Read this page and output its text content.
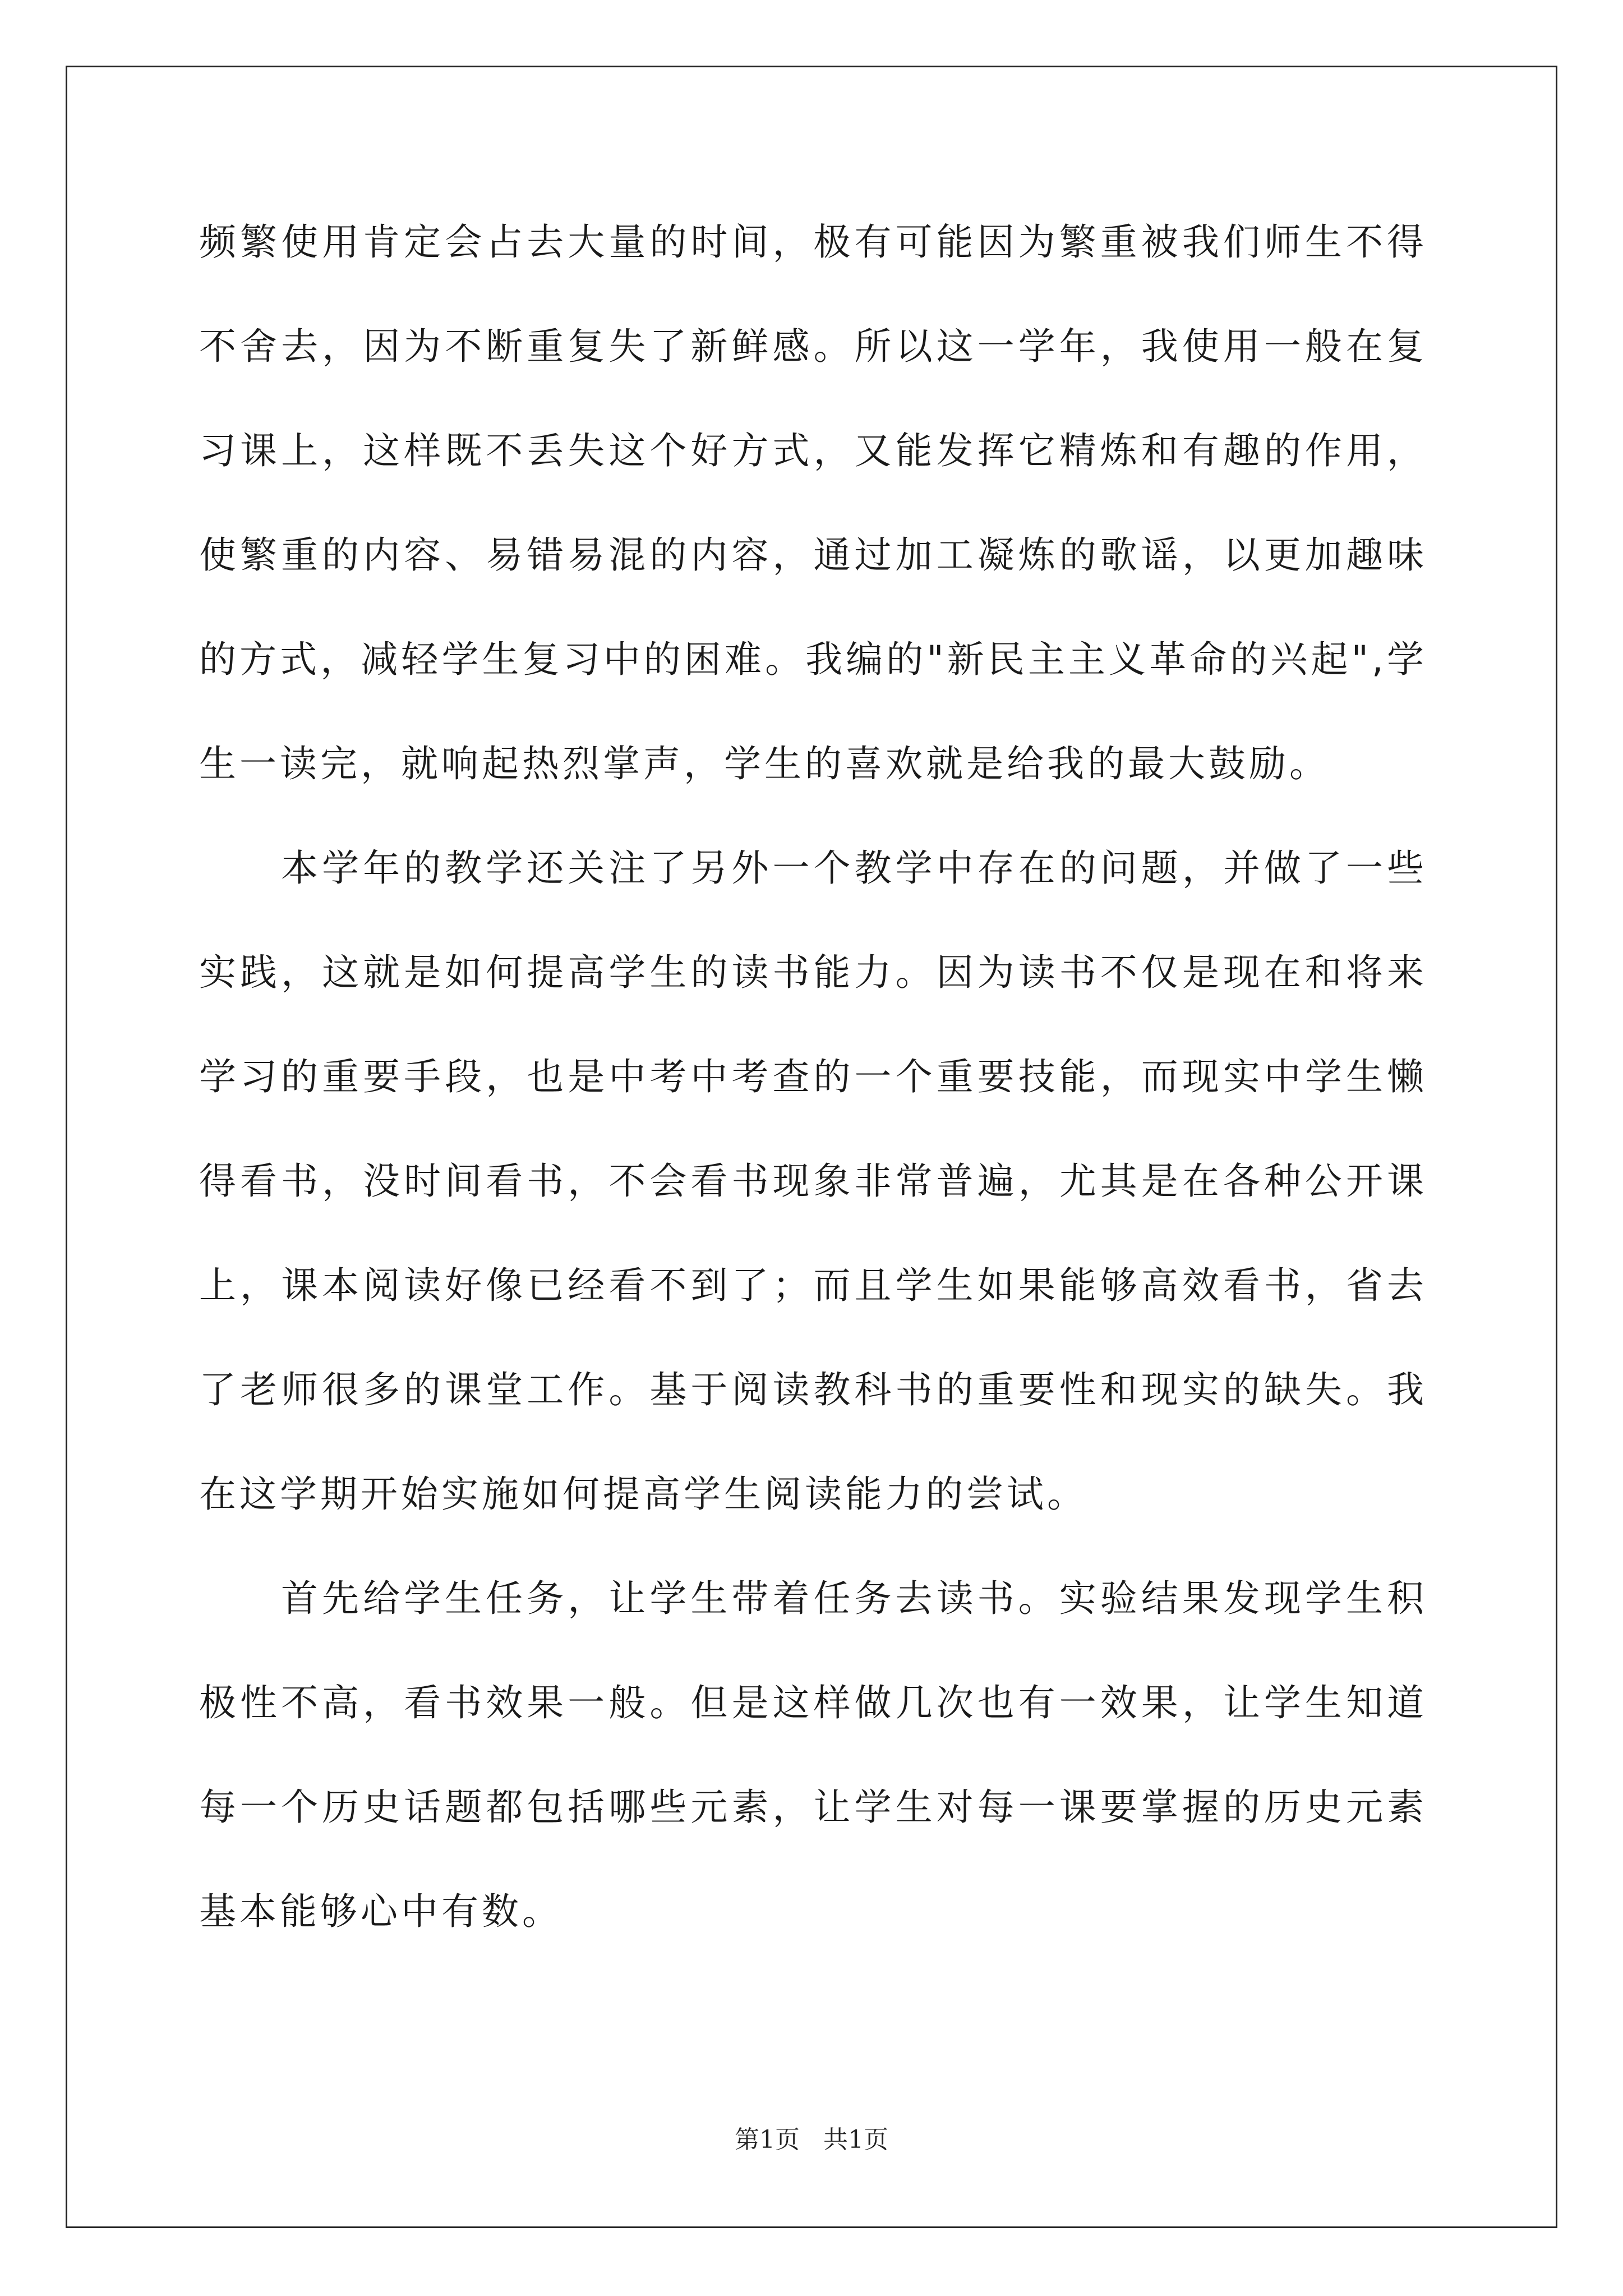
频繁使用肯定会占去大量的时间，极有可能因为繁重被我们师生不得
不舍去，因为不断重复失了新鲜感。所以这一学年，我使用一般在复
习课上，这样既不丢失这个好方式，又能发挥它精炼和有趣的作用，
使繁重的内容、易错易混的内容，通过加工凝炼的歌谣，以更加趣味
的方式，减轻学生复习中的困难。我编的"新民主主义革命的兴起",学
生一读完，就响起热烈掌声，学生的喜欢就是给我的最大鼓励。
本学年的教学还关注了另外一个教学中存在的问题，并做了一些
实践，这就是如何提高学生的读书能力。因为读书不仅是现在和将来
学习的重要手段，也是中考中考查的一个重要技能，而现实中学生懒
得看书，没时间看书，不会看书现象非常普遍，尤其是在各种公开课
上，课本阅读好像已经看不到了；而且学生如果能够高效看书，省去
了老师很多的课堂工作。基于阅读教科书的重要性和现实的缺失。我
在这学期开始实施如何提高学生阅读能力的尝试。
首先给学生任务，让学生带着任务去读书。实验结果发现学生积
极性不高，看书效果一般。但是这样做几次也有一效果，让学生知道
每一个历史话题都包括哪些元素，让学生对每一课要掌握的历史元素
基本能够心中有数。
第1页 共1页
